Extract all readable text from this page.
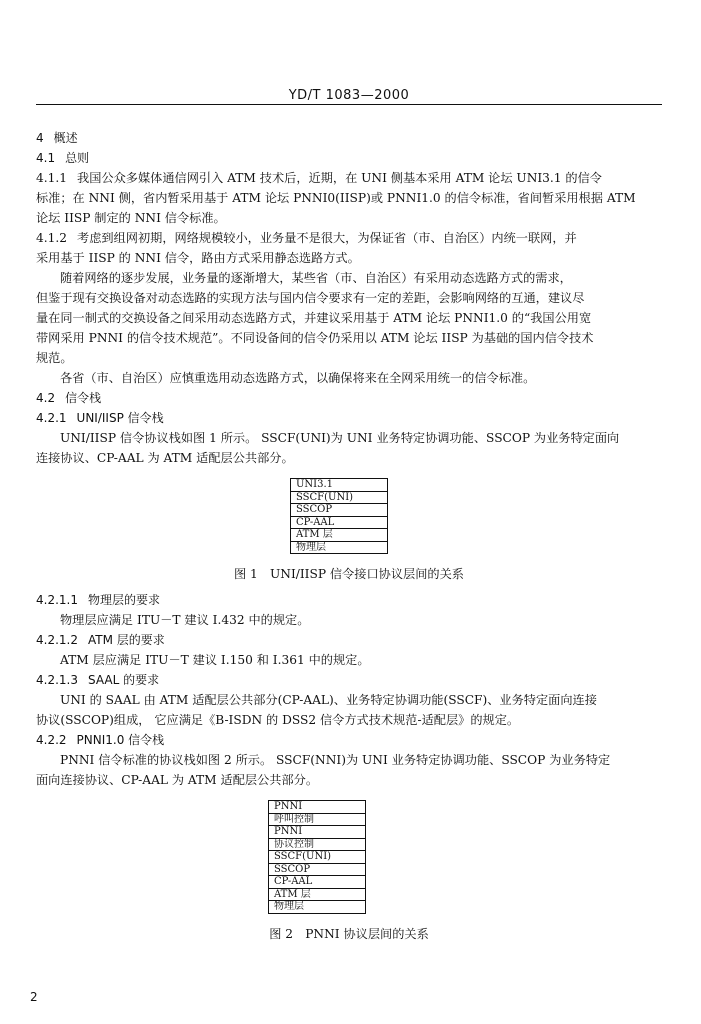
YD/T 1083—2000
4 概述
4.1 总则
4.1.1 我国公众多媒体通信网引入 ATM 技术后，近期，在 UNI 侧基本采用 ATM 论坛 UNI3.1 的信令
标准；在 NNI 侧，省内暂采用基于 ATM 论坛 PNNI0(IISP)或 PNNI1.0 的信令标准，省间暂采用根据 ATM
论坛 IISP 制定的 NNI 信令标准。
4.1.2 考虑到组网初期，网络规模较小，业务量不是很大，为保证省（市、自治区）内统一联网，并
采用基于 IISP 的 NNI 信令，路由方式采用静态选路方式。
随着网络的逐步发展，业务量的逐渐增大，某些省（市、自治区）有采用动态选路方式的需求，
但鉴于现有交换设备对动态选路的实现方法与国内信令要求有一定的差距，会影响网络的互通，建议尽
量在同一制式的交换设备之间采用动态选路方式，并建议采用基于 ATM 论坛 PNNI1.0 的“我国公用宽
带网采用 PNNI 的信令技术规范”。不同设备间的信令仍采用以 ATM 论坛 IISP 为基础的国内信令技术
规范。
各省（市、自治区）应慎重选用动态选路方式，以确保将来在全网采用统一的信令标准。
4.2 信令栈
4.2.1 UNI/IISP 信令栈
UNI/IISP 信令协议栈如图 1 所示。 SSCF(UNI)为 UNI 业务特定协调功能、SSCOP 为业务特定面向
连接协议、CP-AAL 为 ATM 适配层公共部分。
UNI3.1
SSCF(UNI)
SSCOP
CP-AAL
ATM 层
物理层
图 1　UNI/IISP 信令接口协议层间的关系
4.2.1.1 物理层的要求
物理层应满足 ITU－T 建议 I.432 中的规定。
4.2.1.2 ATM 层的要求
ATM 层应满足 ITU－T 建议 I.150 和 I.361 中的规定。
4.2.1.3 SAAL 的要求
UNI 的 SAAL 由 ATM 适配层公共部分(CP-AAL)、业务特定协调功能(SSCF)、业务特定面向连接
协议(SSCOP)组成， 它应满足《B-ISDN 的 DSS2 信令方式技术规范-适配层》的规定。
4.2.2 PNNI1.0 信令栈
PNNI 信令标准的协议栈如图 2 所示。 SSCF(NNI)为 UNI 业务特定协调功能、SSCOP 为业务特定
面向连接协议、CP-AAL 为 ATM 适配层公共部分。
PNNI
呼叫控制
PNNI
协议控制
SSCF(UNI)
SSCOP
CP-AAL
ATM 层
物理层
图 2　PNNI 协议层间的关系
2
